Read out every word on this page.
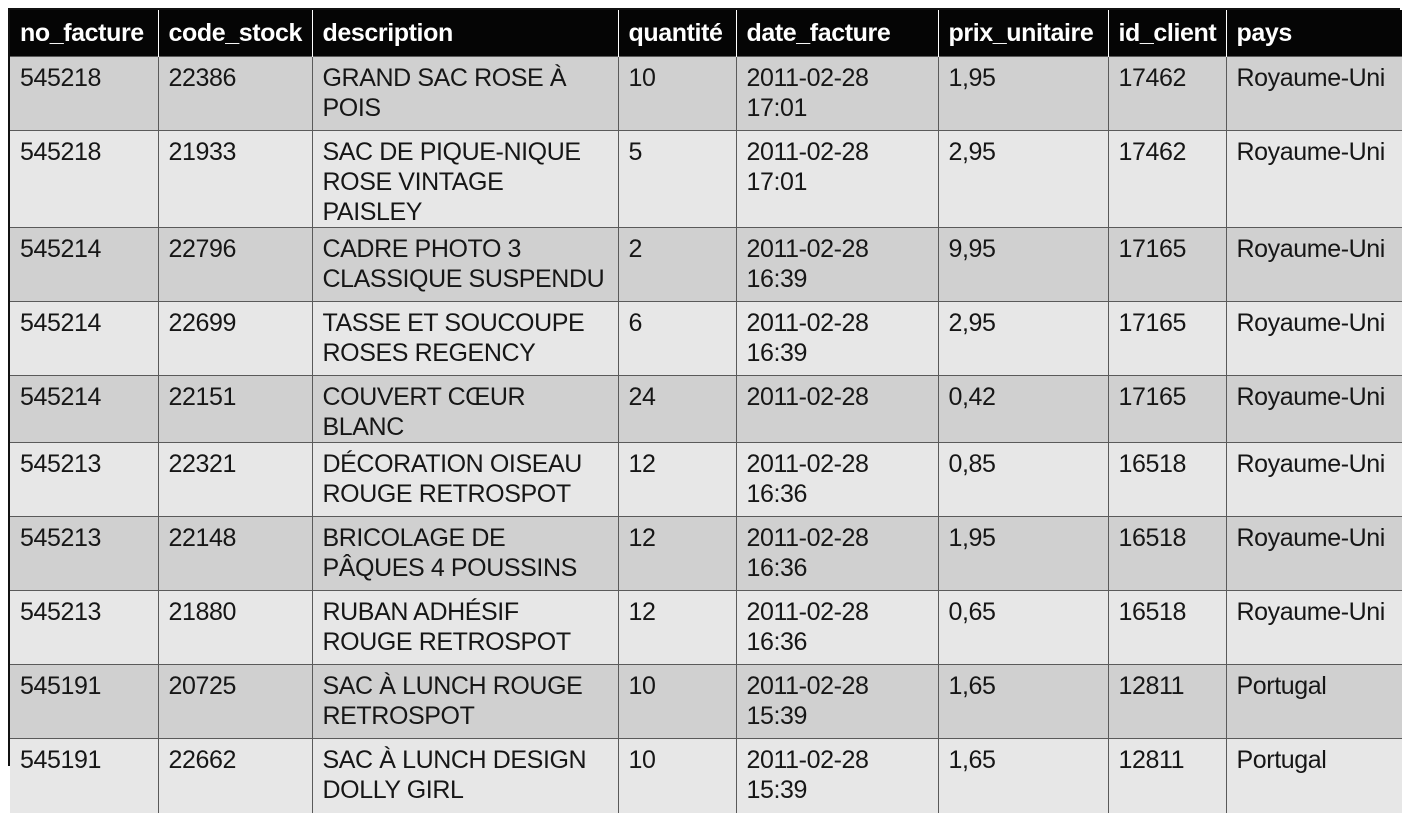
no_facture	code_stock	description	quantité	date_facture	prix_unitaire	id_client	pays
545218	22386	GRAND SAC ROSE À POIS	10	2011-02-28 17:01	1,95	17462	Royaume-Uni
545218	21933	SAC DE PIQUE-NIQUE ROSE VINTAGE PAISLEY	5	2011-02-28 17:01	2,95	17462	Royaume-Uni
545214	22796	CADRE PHOTO 3 CLASSIQUE SUSPENDU	2	2011-02-28 16:39	9,95	17165	Royaume-Uni
545214	22699	TASSE ET SOUCOUPE ROSES REGENCY	6	2011-02-28 16:39	2,95	17165	Royaume-Uni
545214	22151	COUVERT CŒUR BLANC	24	2011-02-28	0,42	17165	Royaume-Uni
545213	22321	DÉCORATION OISEAU ROUGE RETROSPOT	12	2011-02-28 16:36	0,85	16518	Royaume-Uni
545213	22148	BRICOLAGE DE PÂQUES 4 POUSSINS	12	2011-02-28 16:36	1,95	16518	Royaume-Uni
545213	21880	RUBAN ADHÉSIF ROUGE RETROSPOT	12	2011-02-28 16:36	0,65	16518	Royaume-Uni
545191	20725	SAC À LUNCH ROUGE RETROSPOT	10	2011-02-28 15:39	1,65	12811	Portugal
545191	22662	SAC À LUNCH DESIGN DOLLY GIRL	10	2011-02-28 15:39	1,65	12811	Portugal
